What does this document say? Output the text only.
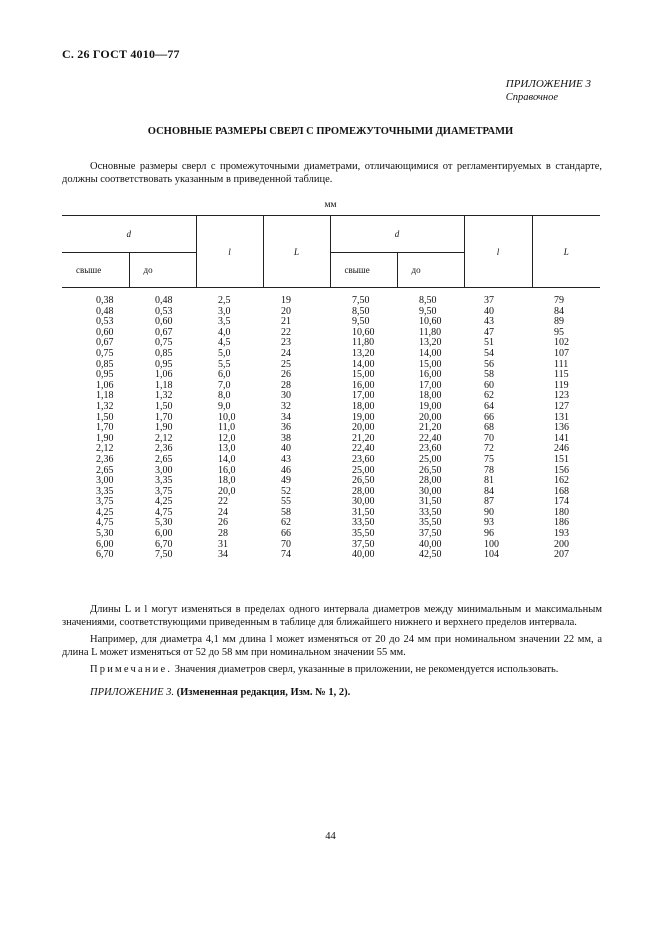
С. 26 ГОСТ 4010—77
ПРИЛОЖЕНИЕ 3
Справочное
ОСНОВНЫЕ РАЗМЕРЫ СВЕРЛ С ПРОМЕЖУТОЧНЫМИ ДИАМЕТРАМИ
Основные размеры сверл с промежуточными диаметрами, отличающимися от регламентируемых в стандарте, должны соответствовать указанным в приведенной таблице.
мм
d		l	L	d		l	L
свыше	до			свыше	до		
0,38	0,48	2,5	19	7,50	8,50	37	79
0,48	0,53	3,0	20	8,50	9,50	40	84
0,53	0,60	3,5	21	9,50	10,60	43	89
0,60	0,67	4,0	22	10,60	11,80	47	95
0,67	0,75	4,5	23	11,80	13,20	51	102
0,75	0,85	5,0	24	13,20	14,00	54	107
0,85	0,95	5,5	25	14,00	15,00	56	111
0,95	1,06	6,0	26	15,00	16,00	58	115
1,06	1,18	7,0	28	16,00	17,00	60	119
1,18	1,32	8,0	30	17,00	18,00	62	123
1,32	1,50	9,0	32	18,00	19,00	64	127
1,50	1,70	10,0	34	19,00	20,00	66	131
1,70	1,90	11,0	36	20,00	21,20	68	136
1,90	2,12	12,0	38	21,20	22,40	70	141
2,12	2,36	13,0	40	22,40	23,60	72	246
2,36	2,65	14,0	43	23,60	25,00	75	151
2,65	3,00	16,0	46	25,00	26,50	78	156
3,00	3,35	18,0	49	26,50	28,00	81	162
3,35	3,75	20,0	52	28,00	30,00	84	168
3,75	4,25	22	55	30,00	31,50	87	174
4,25	4,75	24	58	31,50	33,50	90	180
4,75	5,30	26	62	33,50	35,50	93	186
5,30	6,00	28	66	35,50	37,50	96	193
6,00	6,70	31	70	37,50	40,00	100	200
6,70	7,50	34	74	40,00	42,50	104	207

Длины L и l могут изменяться в пределах одного интервала диаметров между минимальным и максимальным значениями, соответствующими приведенным в таблице для ближайшего нижнего и верхнего пределов интервала.

Например, для диаметра 4,1 мм длина l может изменяться от 20 до 24 мм при номинальном значении 22 мм, а длина L может изменяться от 52 до 58 мм при номинальном значении 55 мм.

Примечание. Значения диаметров сверл, указанные в приложении, не рекомендуется использовать.

ПРИЛОЖЕНИЕ 3. (Измененная редакция, Изм. № 1, 2).

44
